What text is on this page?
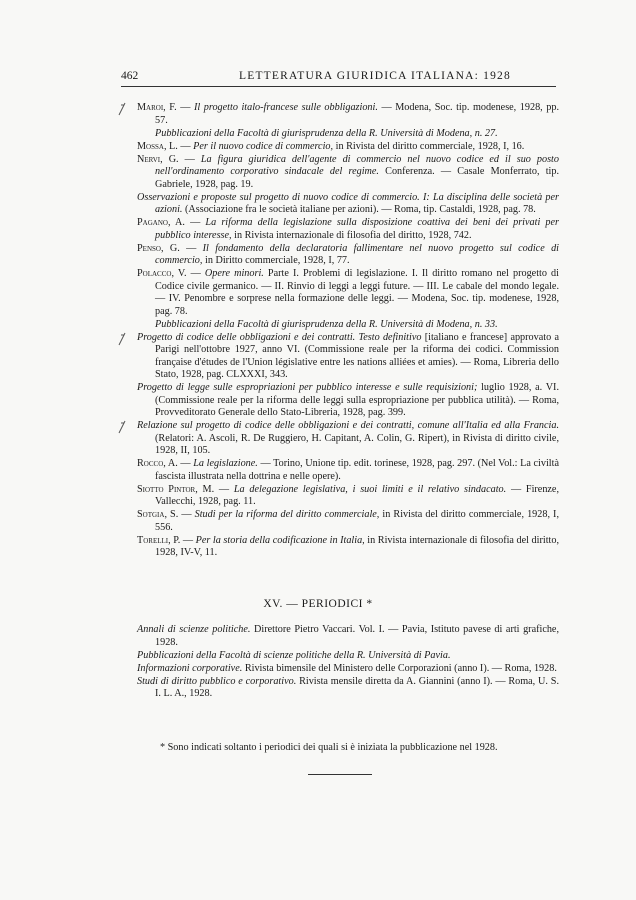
462	LETTERATURA GIURIDICA ITALIANA: 1928

Maroi, F. — Il progetto italo-francese sulle obbligazioni. — Modena, Soc. tip. modenese, 1928, pp. 57.

Pubblicazioni della Facoltà di giurisprudenza della R. Università di Modena, n. 27.

Mossa, L. — Per il nuovo codice di commercio, in Rivista del diritto commerciale, 1928, I, 16.

Nervi, G. — La figura giuridica dell'agente di commercio nel nuovo codice ed il suo posto nell'ordinamento corporativo sindacale del regime. Conferenza. — Casale Monferrato, tip. Gabriele, 1928, pag. 19.

Osservazioni e proposte sul progetto di nuovo codice di commercio. I: La disciplina delle società per azioni. (Associazione fra le società italiane per azioni). — Roma, tip. Castaldi, 1928, pag. 78.

Pagano, A. — La riforma della legislazione sulla disposizione coattiva dei beni dei privati per pubblico interesse, in Rivista internazionale di filosofia del diritto, 1928, 742.

Penso, G. — Il fondamento della declaratoria fallimentare nel nuovo progetto sul codice di commercio, in Diritto commerciale, 1928, I, 77.

Polacco, V. — Opere minori. Parte I. Problemi di legislazione. I. Il diritto romano nel progetto di Codice civile germanico. — II. Rinvio di leggi a leggi future. — III. Le cabale del mondo legale. — IV. Penombre e sorprese nella formazione delle leggi. — Modena, Soc. tip. modenese, 1928, pag. 78.

Pubblicazioni della Facoltà di giurisprudenza della R. Università di Modena, n. 33.

Progetto di codice delle obbligazioni e dei contratti. Testo definitivo [italiano e francese] approvato a Parigi nell'ottobre 1927, anno VI. (Commissione reale per la riforma dei codici. Commission française d'études de l'Union législative entre les nations alliées et amies). — Roma, Libreria dello Stato, 1928, pag. CLXXXI, 343.

Progetto di legge sulle espropriazioni per pubblico interesse e sulle requisizioni; luglio 1928, a. VI. (Commissione reale per la riforma delle leggi sulla espropriazione per pubblica utilità). — Roma, Provveditorato Generale dello Stato-Libreria, 1928, pag. 399.

Relazione sul progetto di codice delle obbligazioni e dei contratti, comune all'Italia ed alla Francia. (Relatori: A. Ascoli, R. De Ruggiero, H. Capitant, A. Colin, G. Ripert), in Rivista di diritto civile, 1928, II, 105.

Rocco, A. — La legislazione. — Torino, Unione tip. edit. torinese, 1928, pag. 297. (Nel Vol.: La civiltà fascista illustrata nella dottrina e nelle opere).

Siotto Pintor, M. — La delegazione legislativa, i suoi limiti e il relativo sindacato. — Firenze, Vallecchi, 1928, pag. 11.

Sotgia, S. — Studi per la riforma del diritto commerciale, in Rivista del diritto commerciale, 1928, I, 556.

Torelli, P. — Per la storia della codificazione in Italia, in Rivista internazionale di filosofia del diritto, 1928, IV-V, 11.

XV. — PERIODICI *

Annali di scienze politiche. Direttore Pietro Vaccari. Vol. I. — Pavia, Istituto pavese di arti grafiche, 1928.

Pubblicazioni della Facoltà di scienze politiche della R. Università di Pavia.

Informazioni corporative. Rivista bimensile del Ministero delle Corporazioni (anno I). — Roma, 1928.

Studi di diritto pubblico e corporativo. Rivista mensile diretta da A. Giannini (anno I). — Roma, U. S. I. L. A., 1928.

* Sono indicati soltanto i periodici dei quali si è iniziata la pubblicazione nel 1928.
